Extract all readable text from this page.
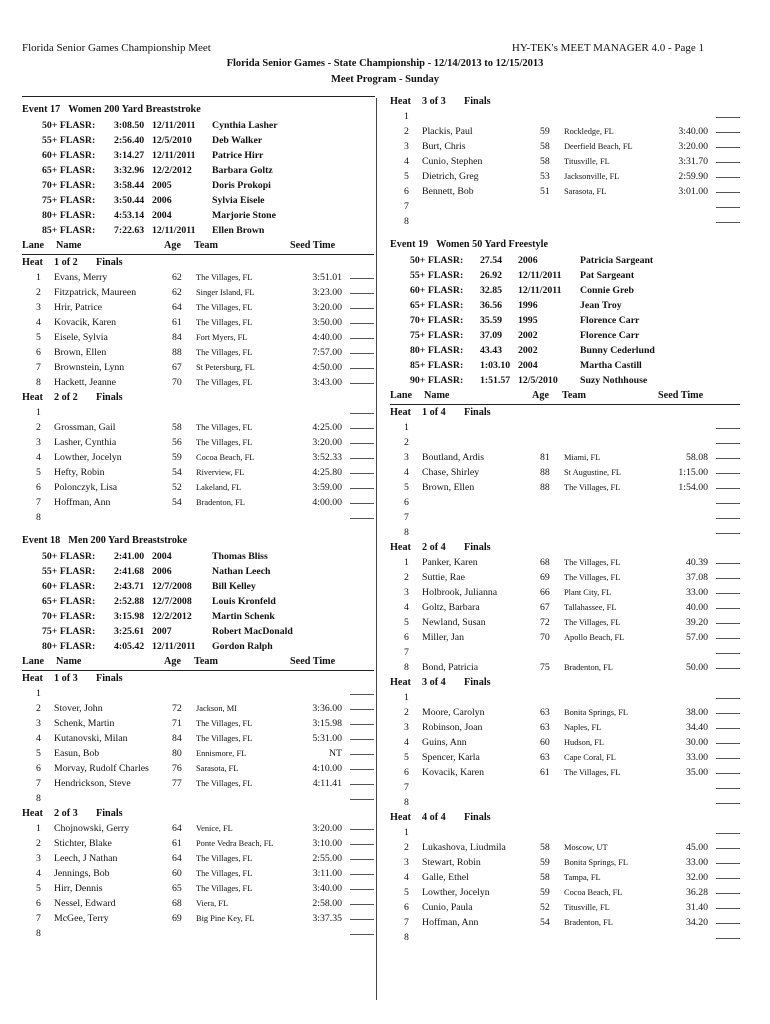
Florida Senior Games Championship Meet	HY-TEK's MEET MANAGER 4.0 - Page 1
Florida Senior Games - State Championship - 12/14/2013 to 12/15/2013
Meet Program - Sunday
Event 17 Women 200 Yard Breaststroke
50+ FLASR: 3:08.50 12/11/2011 Cynthia Lasher
55+ FLASR: 2:56.40 12/5/2010 Deb Walker
60+ FLASR: 3:14.27 12/11/2011 Patrice Hirr
65+ FLASR: 3:32.96 12/2/2012 Barbara Goltz
70+ FLASR: 3:58.44 2005	Doris Prokopi
75+ FLASR: 3:50.44 2006	Sylvia Eisele
80+ FLASR: 4:53.14 2004	Marjorie Stone
85+ FLASR: 7:22.63 12/11/2011 Ellen Brown
Lane Name	Age Team	Seed Time
Heat 1 of 2 Finals
1 Evans, Merry	62 The Villages, FL	3:51.01
2 Fitzpatrick, Maureen	62 Singer Island, FL	3:23.00
3 Hrir, Patrice	64 The Villages, FL	3:20.00
4 Kovacik, Karen	61 The Villages, FL	3:50.00
5 Eisele, Sylvia	84 Fort Myers, FL	4:40.00
6 Brown, Ellen	88 The Villages, FL	7:57.00
7 Brownstein, Lynn	67 St Petersburg, FL	4:50.00
8 Hackett, Jeanne	70 The Villages, FL	3:43.00
Heat 2 of 2 Finals
1
2 Grossman, Gail	58 The Villages, FL	4:25.00
3 Lasher, Cynthia	56 The Villages, FL	3:20.00
4 Lowther, Jocelyn	59 Cocoa Beach, FL	3:52.33
5 Hefty, Robin	54 Riverview, FL	4:25.80
6 Polonczyk, Lisa	52 Lakeland, FL	3:59.00
7 Hoffman, Ann	54 Bradenton, FL	4:00.00
8
Event 18 Men 200 Yard Breaststroke
50+ FLASR: 2:41.00 2004	Thomas Bliss
55+ FLASR: 2:41.68 2006	Nathan Leech
60+ FLASR: 2:43.71 12/7/2008 Bill Kelley
65+ FLASR: 2:52.88 12/7/2008 Louis Kronfeld
70+ FLASR: 3:15.98 12/2/2012 Martin Schenk
75+ FLASR: 3:25.61 2007	Robert MacDonald
80+ FLASR: 4:05.42 12/11/2011 Gordon Ralph
Lane Name	Age Team	Seed Time
Heat 1 of 3 Finals
1
2 Stover, John	72 Jackson, MI	3:36.00
3 Schenk, Martin	71 The Villages, FL	3:15.98
4 Kutanovski, Milan	84 The Villages, FL	5:31.00
5 Easun, Bob	80 Ennismore, FL	NT
6 Morvay, Rudolf Charles 76 Sarasota, FL	4:10.00
7 Hendrickson, Steve	77 The Villages, FL	4:11.41
8
Heat 2 of 3 Finals
1 Chojnowski, Gerry	64 Venice, FL	3:20.00
2 Stichter, Blake	61 Ponte Vedra Beach, FL	3:10.00
3 Leech, J Nathan	64 The Villages, FL	2:55.00
4 Jennings, Bob	60 The Villages, FL	3:11.00
5 Hirr, Dennis	65 The Villages, FL	3:40.00
6 Nessel, Edward	68 Viera, FL	2:58.00
7 McGee, Terry	69 Big Pine Key, FL	3:37.35
8
Heat 3 of 3 Finals
1
2 Plackis, Paul	59 Rockledge, FL	3:40.00
3 Burt, Chris	58 Deerfield Beach, FL	3:20.00
4 Cunio, Stephen	58 Titusville, FL	3:31.70
5 Dietrich, Greg	53 Jacksonville, FL	2:59.90
6 Bennett, Bob	51 Sarasota, FL	3:01.00
7
8
Event 19 Women 50 Yard Freestyle
50+ FLASR: 27.54 2006	Patricia Sargeant
55+ FLASR: 26.92 12/11/2011 Pat Sargeant
60+ FLASR: 32.85 12/11/2011 Connie Greb
65+ FLASR: 36.56 1996	Jean Troy
70+ FLASR: 35.59 1995	Florence Carr
75+ FLASR: 37.09 2002	Florence Carr
80+ FLASR: 43.43 2002	Bunny Cederlund
85+ FLASR: 1:03.10 2004	Martha Castill
90+ FLASR: 1:51.57 12/5/2010 Suzy Nothhouse
Lane Name	Age Team	Seed Time
Heat 1 of 4 Finals
1
2
3 Boutland, Ardis	81 Miami, FL	58.08
4 Chase, Shirley	88 St Augustine, FL	1:15.00
5 Brown, Ellen	88 The Villages, FL	1:54.00
6
7
8
Heat 2 of 4 Finals
1 Panker, Karen	68 The Villages, FL	40.39
2 Suttie, Rae	69 The Villages, FL	37.08
3 Holbrook, Julianna	66 Plant City, FL	33.00
4 Goltz, Barbara	67 Tallahassee, FL	40.00
5 Newland, Susan	72 The Villages, FL	39.20
6 Miller, Jan	70 Apollo Beach, FL	57.00
7
8 Bond, Patricia	75 Bradenton, FL	50.00
Heat 3 of 4 Finals
1
2 Moore, Carolyn	63 Bonita Springs, FL	38.00
3 Robinson, Joan	63 Naples, FL	34.40
4 Guins, Ann	60 Hudson, FL	30.00
5 Spencer, Karla	63 Cape Coral, FL	33.00
6 Kovacik, Karen	61 The Villages, FL	35.00
7
8
Heat 4 of 4 Finals
1
2 Lukashova, Liudmila	58 Moscow, UT	45.00
3 Stewart, Robin	59 Bonita Springs, FL	33.00
4 Galle, Ethel	58 Tampa, FL	32.00
5 Lowther, Jocelyn	59 Cocoa Beach, FL	36.28
6 Cunio, Paula	52 Titusville, FL	31.40
7 Hoffman, Ann	54 Bradenton, FL	34.20
8
